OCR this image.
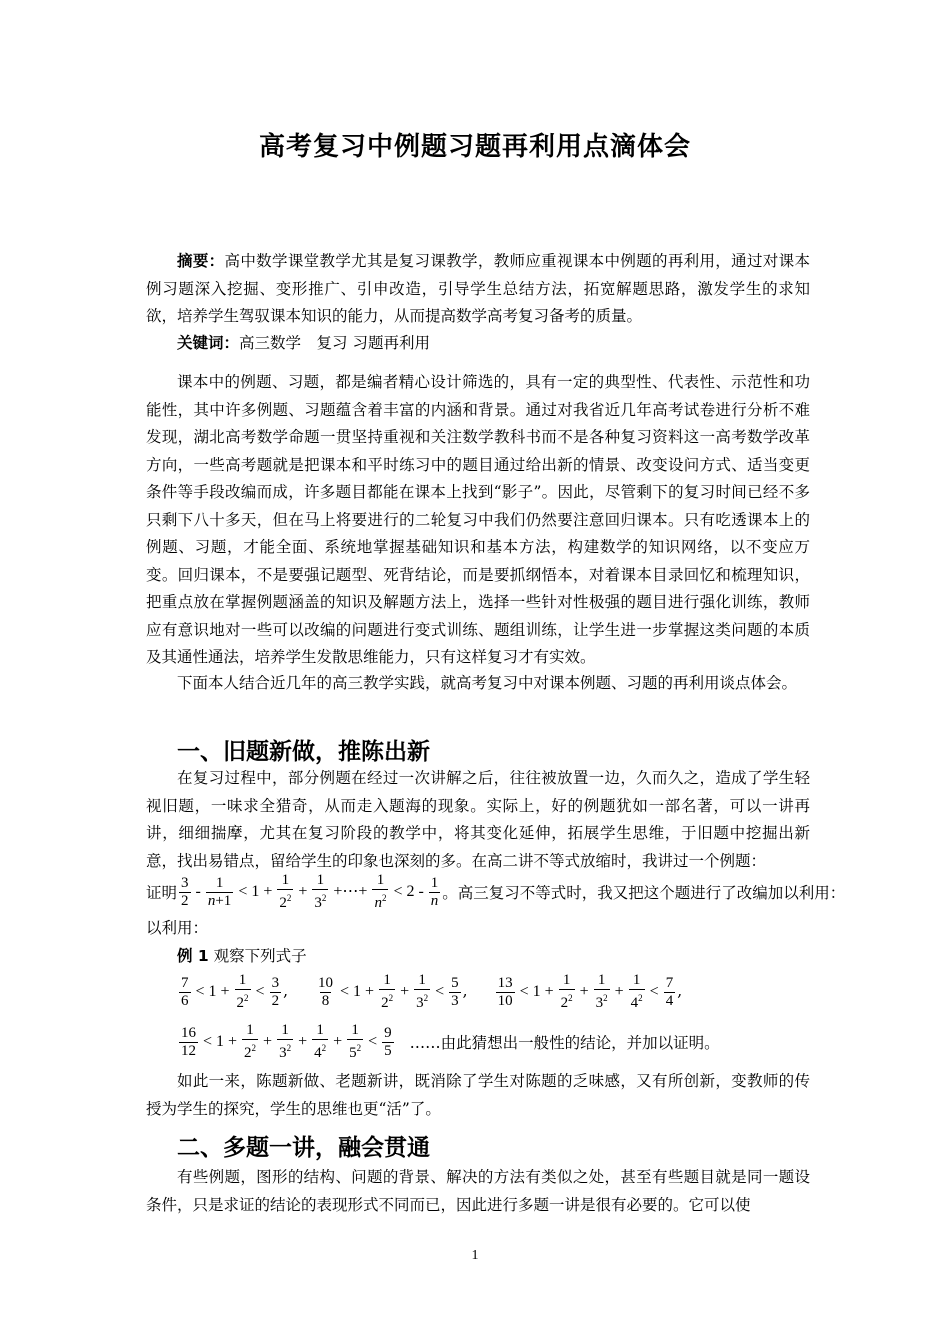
高考复习中例题习题再利用点滴体会
摘要：高中数学课堂教学尤其是复习课教学，教师应重视课本中例题的再利用，通过对课本例习题深入挖掘、变形推广、引申改造，引导学生总结方法，拓宽解题思路，激发学生的求知欲，培养学生驾驭课本知识的能力，从而提高数学高考复习备考的质量。
关键词：高三数学　复习 习题再利用
课本中的例题、习题，都是编者精心设计筛选的，具有一定的典型性、代表性、示范性和功能性，其中许多例题、习题蕴含着丰富的内涵和背景。通过对我省近几年高考试卷进行分析不难发现，湖北高考数学命题一贯坚持重视和关注数学教科书而不是各种复习资料这一高考数学改革方向，一些高考题就是把课本和平时练习中的题目通过给出新的情景、改变设问方式、适当变更条件等手段改编而成，许多题目都能在课本上找到“影子”。因此，尽管剩下的复习时间已经不多只剩下八十多天，但在马上将要进行的二轮复习中我们仍然要注意回归课本。只有吃透课本上的例题、习题，才能全面、系统地掌握基础知识和基本方法，构建数学的知识网络，以不变应万变。回归课本，不是要强记题型、死背结论，而是要抓纲悟本，对着课本目录回忆和梳理知识，把重点放在掌握例题涵盖的知识及解题方法上，选择一些针对性极强的题目进行强化训练，教师应有意识地对一些可以改编的问题进行变式训练、题组训练，让学生进一步掌握这类问题的本质及其通性通法，培养学生发散思维能力，只有这样复习才有实效。
下面本人结合近几年的高三教学实践，就高考复习中对课本例题、习题的再利用谈点体会。
一、旧题新做，推陈出新
在复习过程中，部分例题在经过一次讲解之后，往往被放置一边，久而久之，造成了学生轻视旧题，一味求全猎奇，从而走入题海的现象。实际上，好的例题犹如一部名著，可以一讲再讲，细细揣摩，尤其在复习阶段的教学中，将其变化延伸，拓展学生思维，于旧题中挖掘出新意，找出易错点，留给学生的印象也深刻的多。在高二讲不等式放缩时，我讲过一个例题：
证明 $\frac{3}{2} - \frac{1}{n+1} < 1 + \frac{1}{2^2} + \frac{1}{3^2}$ +⋯+ $\frac{1}{n^2} < 2 - \frac{1}{n}$ 。高三复习不等式时，我又把这个题进行了改编加以利用：
以利用：
例 1 观察下列式子
$\frac{7}{6} < 1 + \frac{1}{2^2} < \frac{3}{2}$ , $\frac{10}{8} < 1 + \frac{1}{2^2} + \frac{1}{3^2} < \frac{5}{3}$ , $\frac{13}{10} < 1 + \frac{1}{2^2} + \frac{1}{3^2} + \frac{1}{4^2} < \frac{7}{4}$ ,
$\frac{16}{12} < 1 + \frac{1}{2^2} + \frac{1}{3^2} + \frac{1}{4^2} + \frac{1}{5^2} < \frac{9}{5}$ ……由此猜想出一般性的结论，并加以证明。
如此一来，陈题新做、老题新讲，既消除了学生对陈题的乏味感，又有所创新，变教师的传授为学生的探究，学生的思维也更“活”了。
二、多题一讲，融会贯通
有些例题，图形的结构、问题的背景、解决的方法有类似之处，甚至有些题目就是同一题设条件，只是求证的结论的表现形式不同而已，因此进行多题一讲是很有必要的。它可以使
1
